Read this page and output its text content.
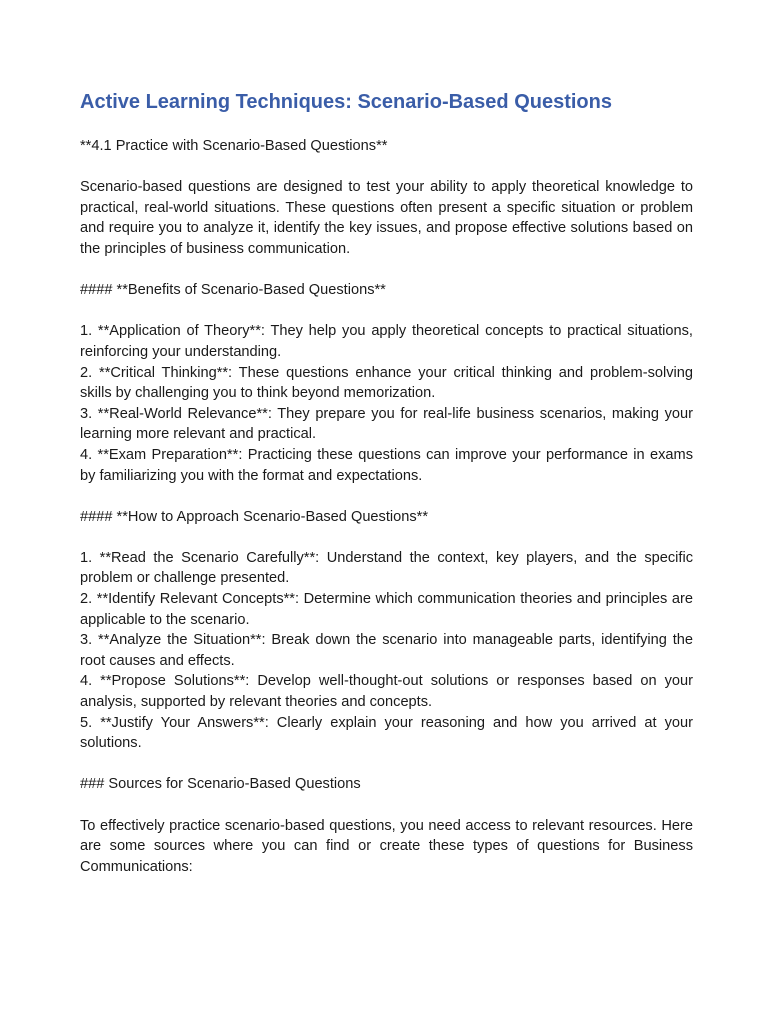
Active Learning Techniques: Scenario-Based Questions

**4.1 Practice with Scenario-Based Questions**

Scenario-based questions are designed to test your ability to apply theoretical knowledge to practical, real-world situations. These questions often present a specific situation or problem and require you to analyze it, identify the key issues, and propose effective solutions based on the principles of business communication.

#### **Benefits of Scenario-Based Questions**

1. **Application of Theory**: They help you apply theoretical concepts to practical situations, reinforcing your understanding.
2. **Critical Thinking**: These questions enhance your critical thinking and problem-solving skills by challenging you to think beyond memorization.
3. **Real-World Relevance**: They prepare you for real-life business scenarios, making your learning more relevant and practical.
4. **Exam Preparation**: Practicing these questions can improve your performance in exams by familiarizing you with the format and expectations.

#### **How to Approach Scenario-Based Questions**

1. **Read the Scenario Carefully**: Understand the context, key players, and the specific problem or challenge presented.
2. **Identify Relevant Concepts**: Determine which communication theories and principles are applicable to the scenario.
3. **Analyze the Situation**: Break down the scenario into manageable parts, identifying the root causes and effects.
4. **Propose Solutions**: Develop well-thought-out solutions or responses based on your analysis, supported by relevant theories and concepts.
5. **Justify Your Answers**: Clearly explain your reasoning and how you arrived at your solutions.

### Sources for Scenario-Based Questions

To effectively practice scenario-based questions, you need access to relevant resources. Here are some sources where you can find or create these types of questions for Business Communications:
